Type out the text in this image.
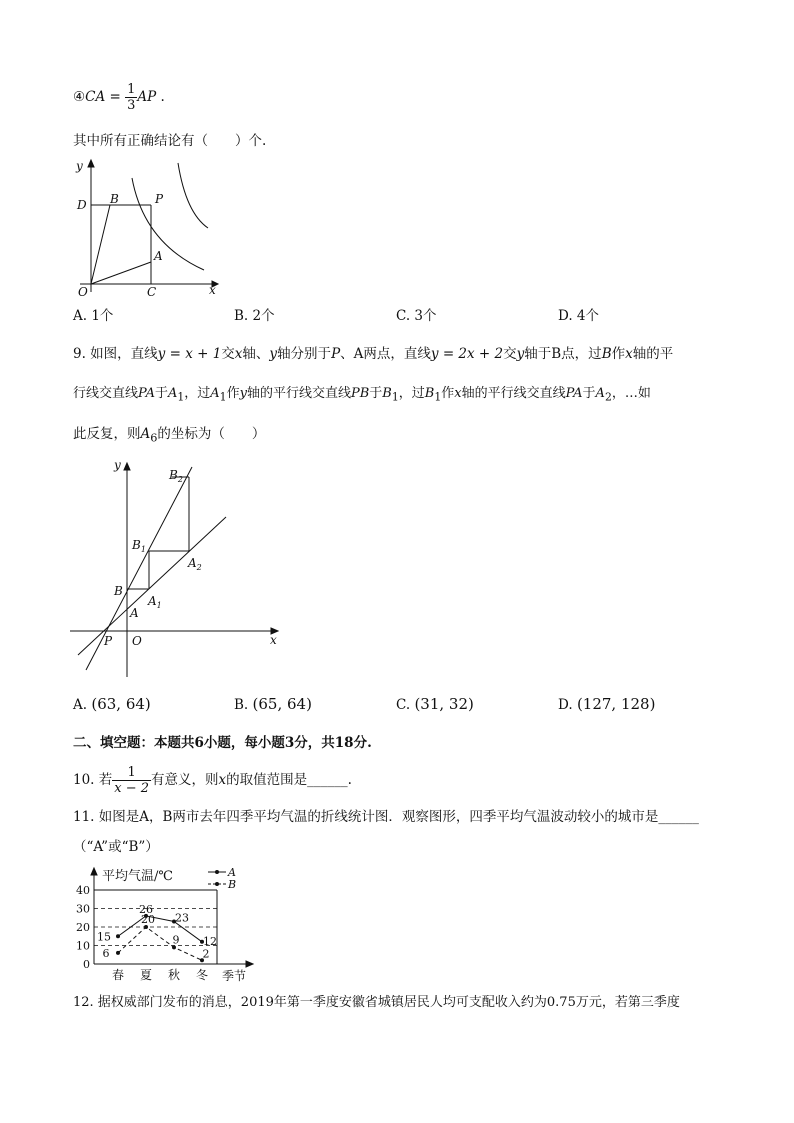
④CA = $\frac{1}{3}$ AP .
其中所有正确结论有（　　）个.
y
x
O
D B	P
A
C
A. 1个	B. 2个	C. 3个	D. 4个
9. 如图，直线y = x + 1交x轴、y轴分别于P、A两点，直线y = 2x + 2交y轴于B点，过B作x轴的平
行线交直线PA于$A_1$，过$A_1$作y轴的平行线交直线PB于$B_1$，过$B_1$作x轴的平行线交直线PA于$A_2$，…如
此反复，则$A_6$的坐标为（　　）
y
x
O
P
A
B
$A_1$
$B_1$
$A_2$
$B_2$
A. (63, 64)	B. (65, 64)	C. (31, 32)	D. (127, 128)
二、填空题：本题共6小题，每小题3分，共18分.
10. 若 $\frac{1}{x - 2}$ 有意义，则x的取值范围是______.
11. 如图是A，B两市去年四季平均气温的折线统计图．观察图形，四季平均气温波动较小的城市是______
（“A”或“B”）
0
10
20
30
40
春 夏 秋 冬
15
26
23
12
6
20
9
2
平均气温/℃
季节
A
B
12. 据权威部门发布的消息，2019年第一季度安徽省城镇居民人均可支配收入约为0.75万元，若第三季度
